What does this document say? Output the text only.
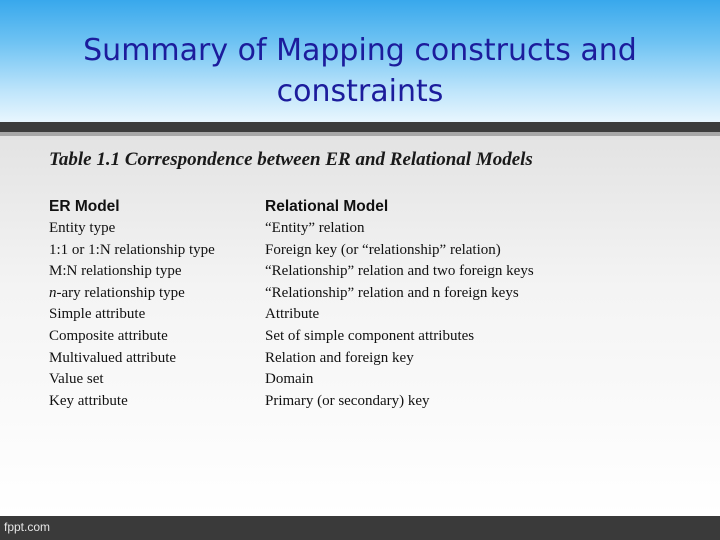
Summary of Mapping constructs and constraints

Table 1.1 Correspondence between ER and Relational Models

ER Model	Relational Model
Entity type	“Entity” relation
1:1 or 1:N relationship type	Foreign key (or “relationship” relation)
M:N relationship type	“Relationship” relation and two foreign keys
n-ary relationship type	“Relationship” relation and n foreign keys
Simple attribute	Attribute
Composite attribute	Set of simple component attributes
Multivalued attribute	Relation and foreign key
Value set	Domain
Key attribute	Primary (or secondary) key
fppt.com
